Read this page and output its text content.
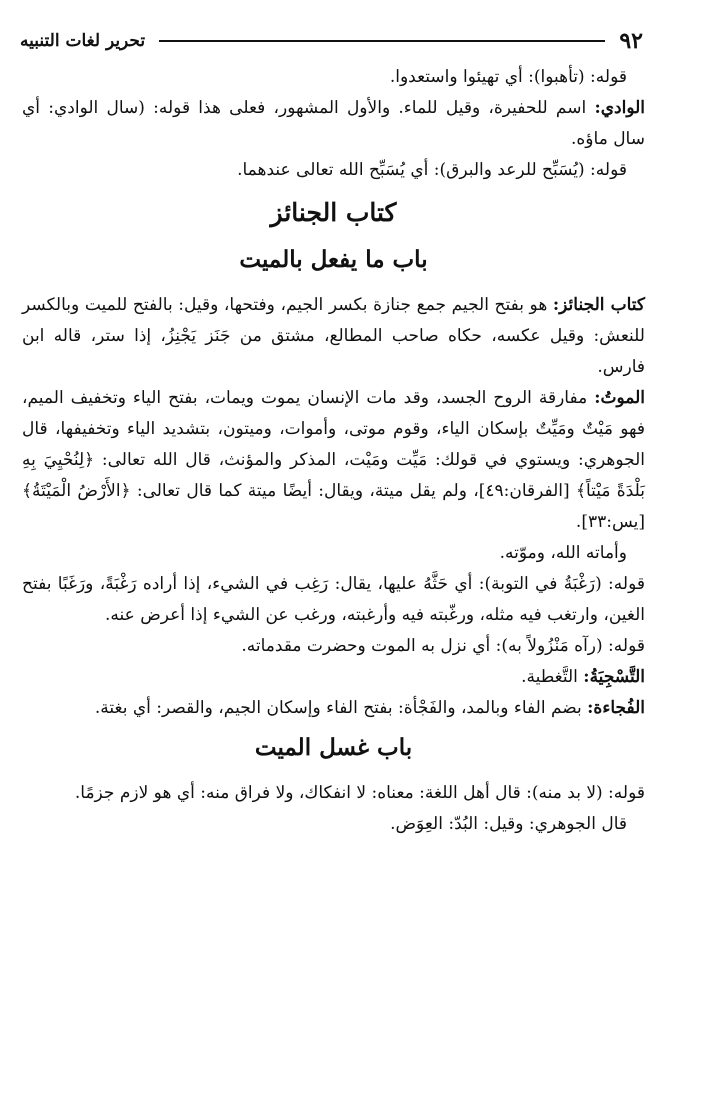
٩٢
تحرير لغات التنبيه

قوله: (تأهبوا): أي تهيئوا واستعدوا.

الوادي: اسم للحفيرة، وقيل للماء. والأول المشهور، فعلى هذا قوله: (سال الوادي: أي سال ماؤه.

قوله: (يُسَبِّح للرعد والبرق): أي يُسَبِّح الله تعالى عندهما.

كتاب الجنائز
باب ما يفعل بالميت

كتاب الجنائز: هو بفتح الجيم جمع جنازة بكسر الجيم، وفتحها، وقيل: بالفتح للميت وبالكسر للنعش: وقيل عكسه، حكاه صاحب المطالع، مشتق من جَنَز يَجْنِزُ، إذا ستر، قاله ابن فارس.

الموتُ: مفارقة الروح الجسد، وقد مات الإنسان يموت ويمات، بفتح الياء وتخفيف الميم، فهو مَيْتٌ ومَيِّتٌ بإسكان الياء، وقوم موتى، وأموات، وميتون، بتشديد الياء وتخفيفها، قال الجوهري: ويستوي في قولك: مَيِّت ومَيْت، المذكر والمؤنث، قال الله تعالى: ﴿لِنُحْيِيَ بِهِ بَلْدَةً مَيْتاً﴾ [الفرقان:٤٩]، ولم يقل ميتة، ويقال: أيضًا ميتة كما قال تعالى: ﴿الأَرْضُ الْمَيْتَةُ﴾ [يس:٣٣].

وأماته الله، وموّته.

قوله: (رَغْبَةُ في التوبة): أي حَثَّهُ عليها، يقال: رَغِب في الشيء، إذا أراده رَغْبَةً، ورَغَبًا بفتح الغين، وارتغب فيه مثله، ورغّبته فيه وأرغبته، ورغب عن الشيء إذا أعرض عنه.

قوله: (رآه مَنْزُولاً به): أي نزل به الموت وحضرت مقدماته.

التَّسْجِيَةُ: التَّغطية.

الفُجاءة: بضم الفاء وبالمد، والفَجْأة: بفتح الفاء وإسكان الجيم، والقصر: أي بغتة.

باب غسل الميت

قوله: (لا بد منه): قال أهل اللغة: معناه: لا انفكاك، ولا فراق منه: أي هو لازم جزمًا.

قال الجوهري: وقيل: البُدّ: العِوَض.
